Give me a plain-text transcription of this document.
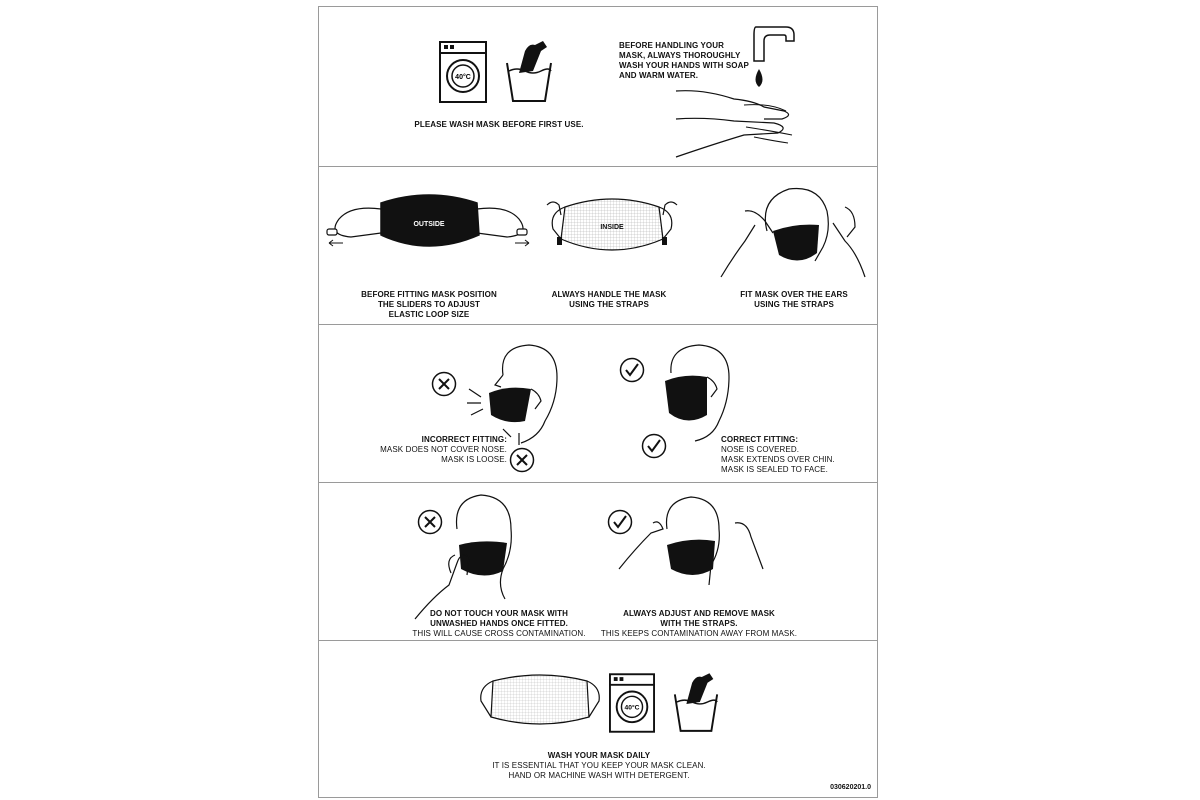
40°C
PLEASE WASH MASK BEFORE FIRST USE.
BEFORE HANDLING YOUR
MASK, ALWAYS THOROUGHLY
WASH YOUR HANDS WITH SOAP
AND WARM WATER.
OUTSIDE
BEFORE FITTING MASK POSITION
THE SLIDERS TO ADJUST
ELASTIC LOOP SIZE
INSIDE
ALWAYS HANDLE THE MASK
USING THE STRAPS
FIT MASK OVER THE EARS
USING THE STRAPS
INCORRECT FITTING:
MASK DOES NOT COVER NOSE.
MASK IS LOOSE.
CORRECT FITTING:
NOSE IS COVERED.
MASK EXTENDS OVER CHIN.
MASK IS SEALED TO FACE.
DO NOT TOUCH YOUR MASK WITH
UNWASHED HANDS ONCE FITTED.
THIS WILL CAUSE CROSS CONTAMINATION.
ALWAYS ADJUST AND REMOVE MASK
WITH THE STRAPS.
THIS KEEPS CONTAMINATION AWAY FROM MASK.
40°C
WASH YOUR MASK DAILY
IT IS ESSENTIAL THAT YOU KEEP YOUR MASK CLEAN.
HAND OR MACHINE WASH WITH DETERGENT.
030620201.0
